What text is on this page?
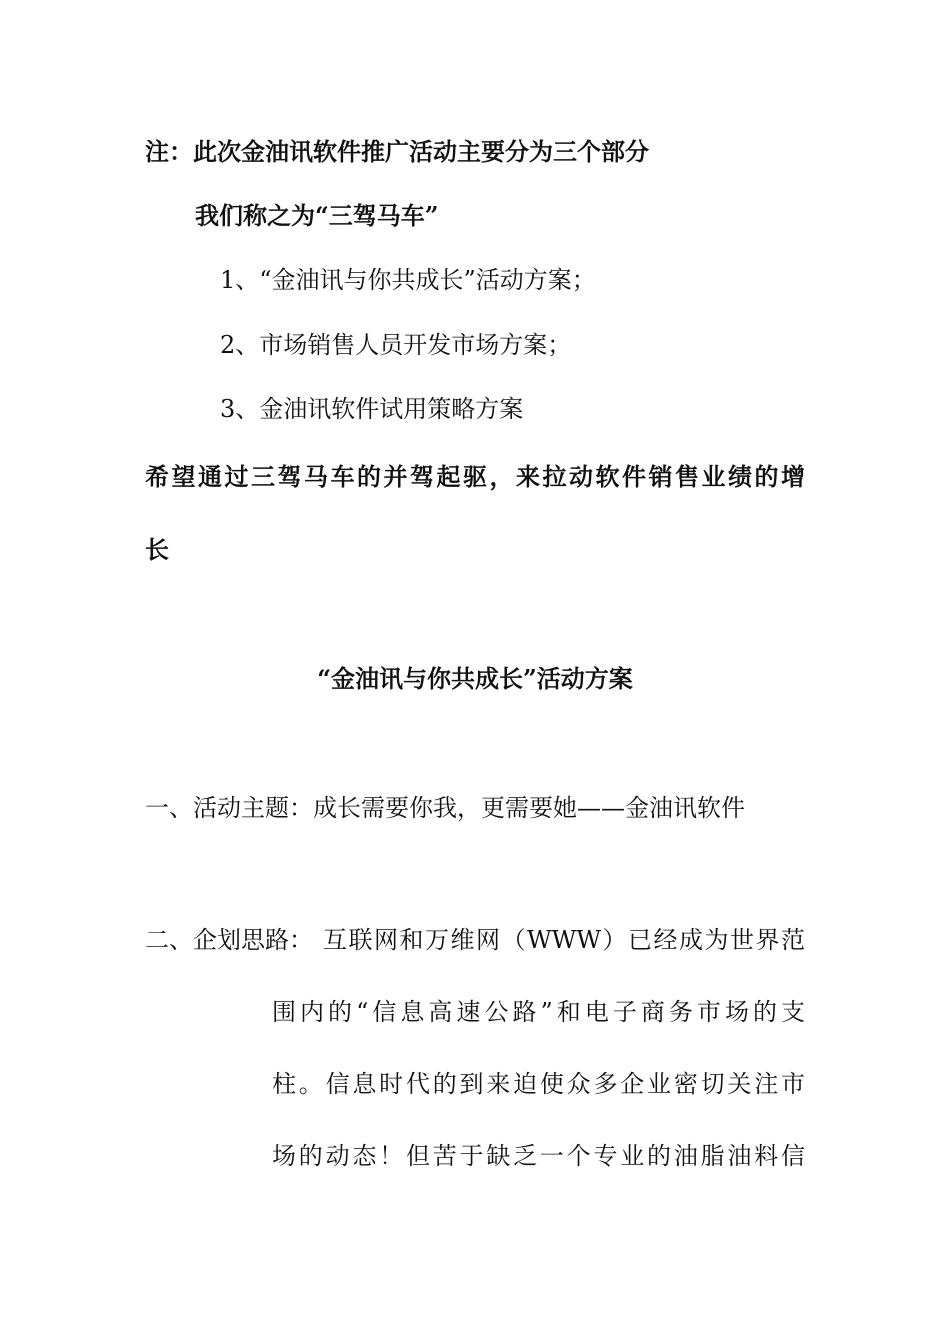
注：此次金油讯软件推广活动主要分为三个部分
我们称之为“三驾马车”
1、“金油讯与你共成长”活动方案；
2、市场销售人员开发市场方案；
3、金油讯软件试用策略方案
希望通过三驾马车的并驾起驱，来拉动软件销售业绩的增
长
“金油讯与你共成长”活动方案
一、活动主题：成长需要你我，更需要她——金油讯软件
二、企划思路： 互联网和万维网（WWW）已经成为世界范
围内的“信息高速公路”和电子商务市场的支
柱。信息时代的到来迫使众多企业密切关注市
场的动态！但苦于缺乏一个专业的油脂油料信
